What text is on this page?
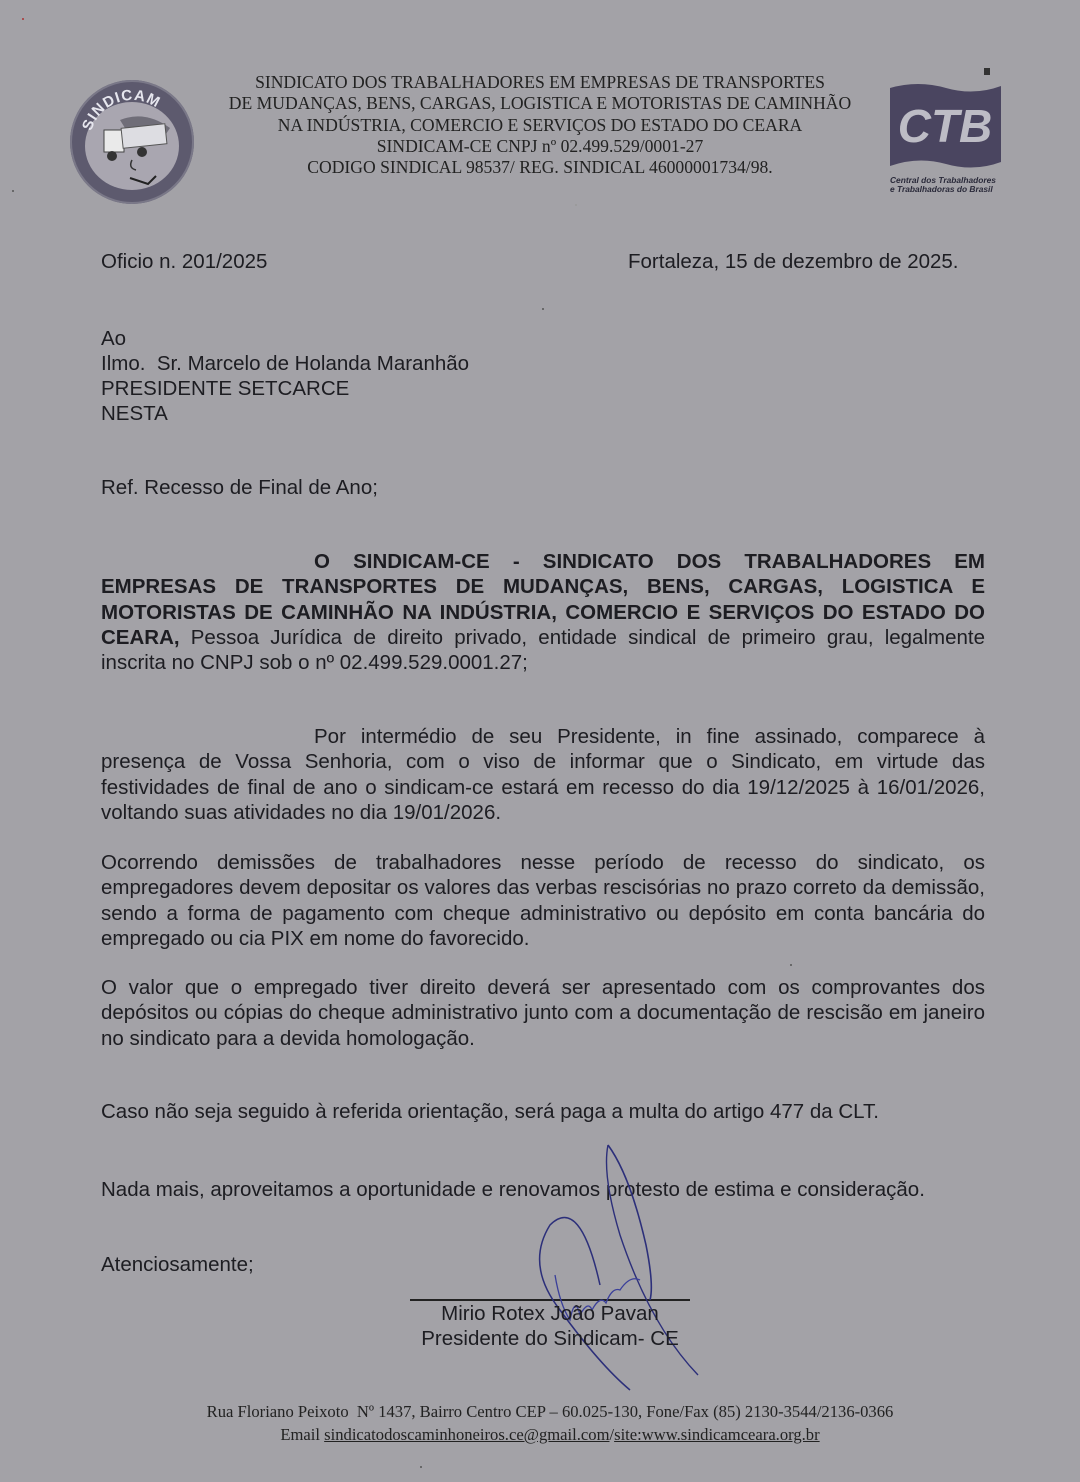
SINDICAM
SINDICATO DOS TRABALHADORES EM EMPRESAS DE TRANSPORTES
DE MUDANÇAS, BENS, CARGAS, LOGISTICA E MOTORISTAS DE CAMINHÃO
NA INDÚSTRIA, COMERCIO E SERVIÇOS DO ESTADO DO CEARA
SINDICAM-CE CNPJ nº 02.499.529/0001-27
CODIGO SINDICAL 98537/ REG. SINDICAL 46000001734/98.
CTB
Central dos Trabalhadores
e Trabalhadoras do Brasil
Oficio n. 201/2025	Fortaleza, 15 de dezembro de 2025.
Ao
Ilmo.  Sr. Marcelo de Holanda Maranhão
PRESIDENTE SETCARCE
NESTA
Ref. Recesso de Final de Ano;
O SINDICAM-CE - SINDICATO DOS TRABALHADORES EM EMPRESAS DE TRANSPORTES DE MUDANÇAS, BENS, CARGAS, LOGISTICA E MOTORISTAS DE CAMINHÃO NA INDÚSTRIA, COMERCIO E SERVIÇOS DO ESTADO DO CEARA, Pessoa Jurídica de direito privado, entidade sindical de primeiro grau, legalmente inscrita no CNPJ sob o nº 02.499.529.0001.27;
Por intermédio de seu Presidente, in fine assinado, comparece à presença de Vossa Senhoria, com o viso de informar que o Sindicato, em virtude das festividades de final de ano o sindicam-ce estará em recesso do dia 19/12/2025 à 16/01/2026, voltando suas atividades no dia 19/01/2026.
Ocorrendo demissões de trabalhadores nesse período de recesso do sindicato, os empregadores devem depositar os valores das verbas rescisórias no prazo correto da demissão, sendo a forma de pagamento com cheque administrativo ou depósito em conta bancária do empregado ou cia PIX em nome do favorecido.
O valor que o empregado tiver direito deverá ser apresentado com os comprovantes dos depósitos ou cópias do cheque administrativo junto com a documentação de rescisão em janeiro no sindicato para a devida homologação.
Caso não seja seguido à referida orientação, será paga a multa do artigo 477 da CLT.
Nada mais, aproveitamos a oportunidade e renovamos protesto de estima e consideração.
Atenciosamente;
Mirio Rotex João Pavan
Presidente do Sindicam- CE
Rua Floriano Peixoto  Nº 1437, Bairro Centro CEP – 60.025-130, Fone/Fax (85) 2130-3544/2136-0366
Email sindicatodoscaminhoneiros.ce@gmail.com/site:www.sindicamceara.org.br
